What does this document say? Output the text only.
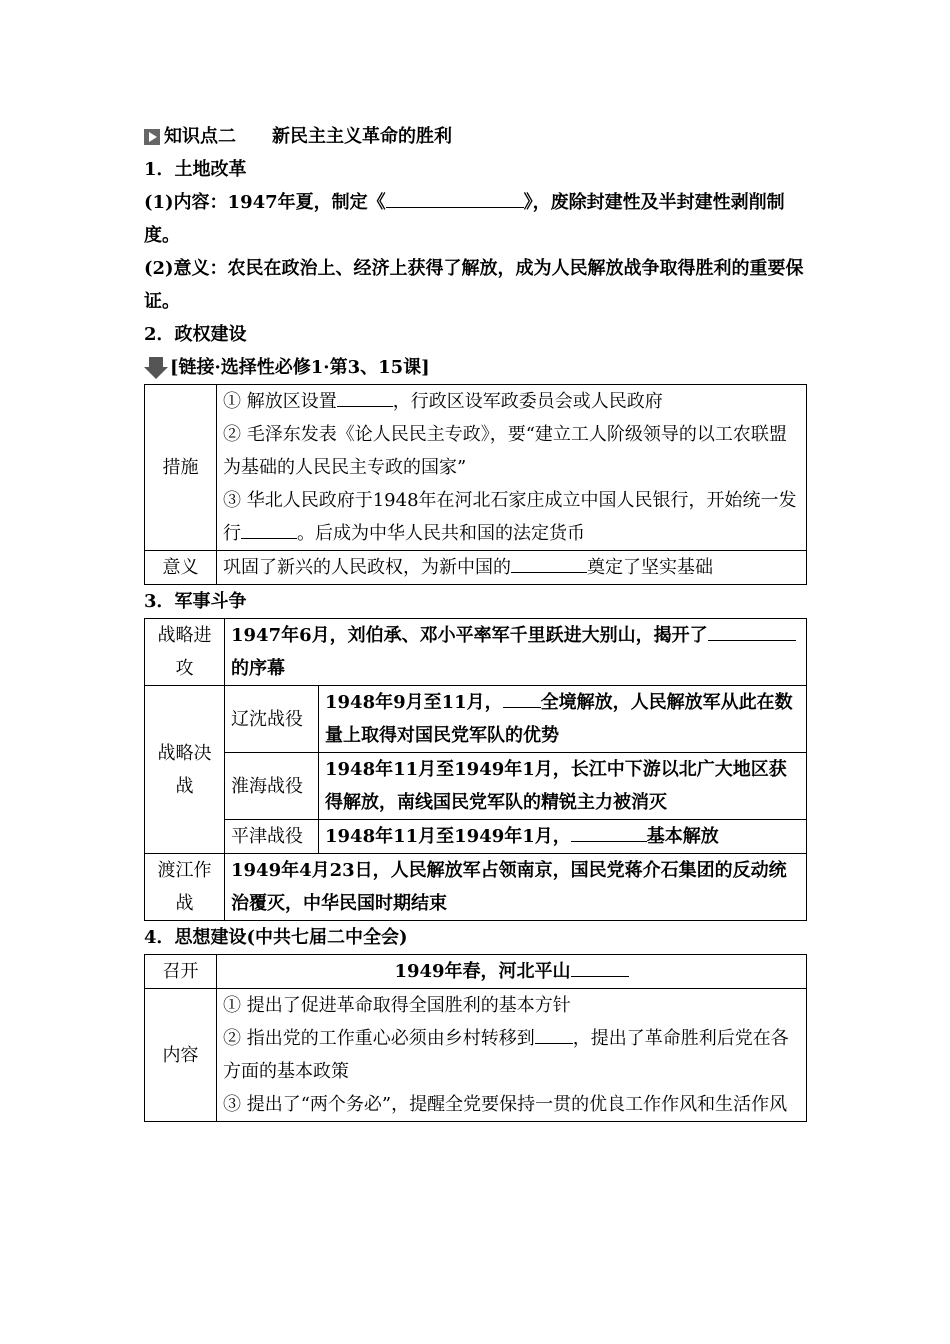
知识点二 新民主主义革命的胜利
1．土地改革
(1)内容：1947年夏，制定《	》，废除封建性及半封建性剥削制度。
(2)意义：农民在政治上、经济上获得了解放，成为人民解放战争取得胜利的重要保证。
2．政权建设
[链接·选择性必修1·第3、15课]
措施	① 解放区设置 ，行政区设军政委员会或人民政府
② 毛泽东发表《论人民民主专政》，要“建立工人阶级领导的以工农联盟为基础的人民民主专政的国家”
③ 华北人民政府于1948年在河北石家庄成立中国人民银行，开始统一发行 。后成为中华人民共和国的法定货币

意义	巩固了新兴的人民政权，为新中国的 奠定了坚实基础
3．军事斗争
战略进攻	1947年6月，刘伯承、邓小平率军千里跃进大别山，揭开了的序幕	
战略决战	辽沈战役	1948年9月至11月， 全境解放，人民解放军从此在数量上取得对国民党军队的优势
	淮海战役	1948年11月至1949年1月，长江中下游以北广大地区获得解放，南线国民党军队的精锐主力被消灭
	平津战役	1948年11月至1949年1月， 基本解放
渡江作战	1949年4月23日，人民解放军占领南京，国民党蒋介石集团的反动统治覆灭，中华民国时期结束	
4．思想建设(中共七届二中全会)
召开	1949年春，河北平山
内容	① 提出了促进革命取得全国胜利的基本方针
② 指出党的工作重心必须由乡村转移到 ，提出了革命胜利后党在各方面的基本政策
③ 提出了“两个务必”，提醒全党要保持一贯的优良工作作风和生活作风
